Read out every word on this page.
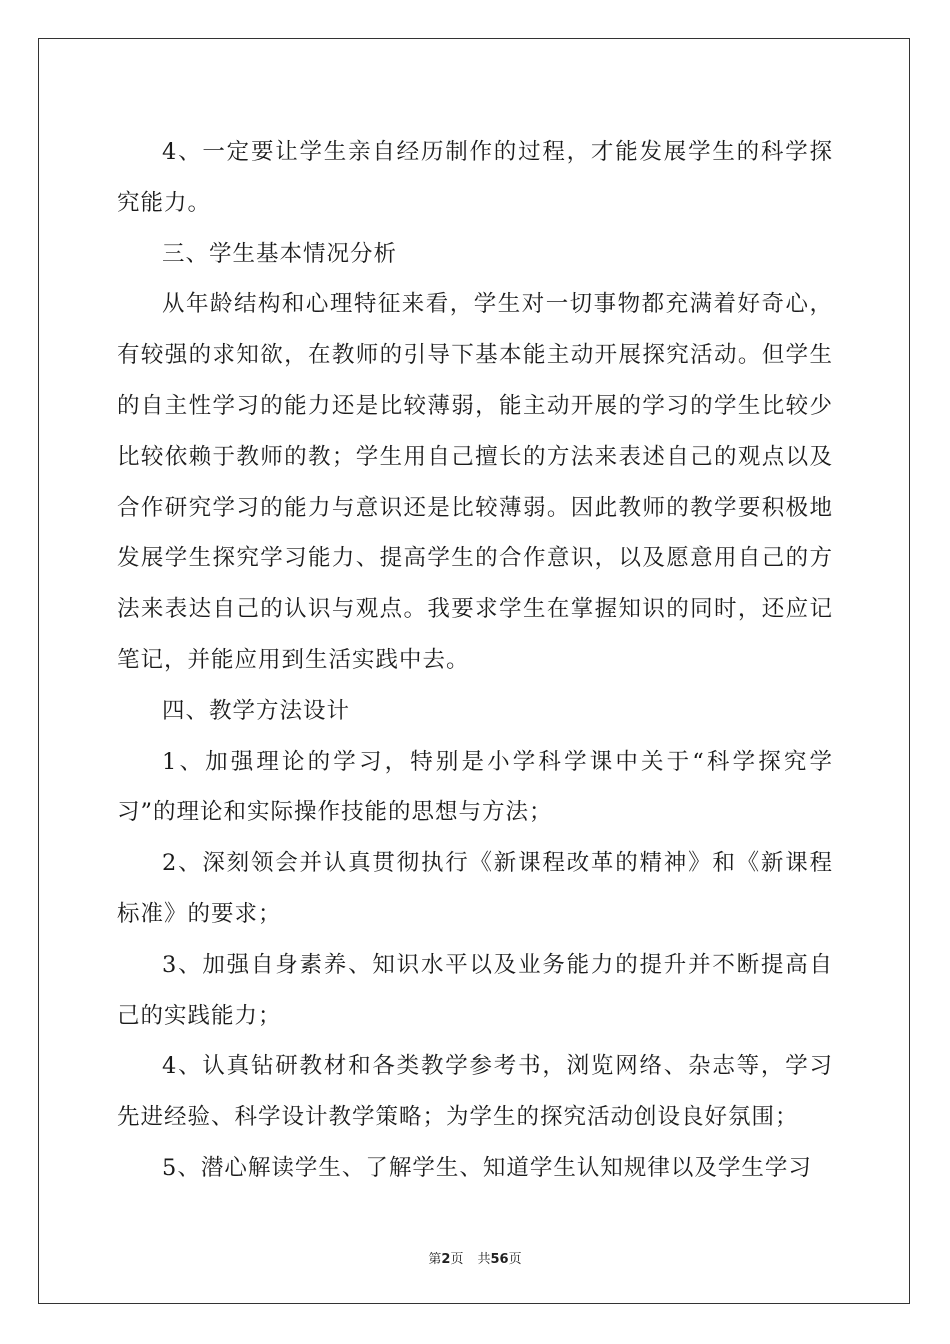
4、一定要让学生亲自经历制作的过程，才能发展学生的科学探究能力。

三、学生基本情况分析

从年龄结构和心理特征来看，学生对一切事物都充满着好奇心，有较强的求知欲，在教师的引导下基本能主动开展探究活动。但学生的自主性学习的能力还是比较薄弱，能主动开展的学习的学生比较少比较依赖于教师的教；学生用自己擅长的方法来表述自己的观点以及合作研究学习的能力与意识还是比较薄弱。因此教师的教学要积极地发展学生探究学习能力、提高学生的合作意识，以及愿意用自己的方法来表达自己的认识与观点。我要求学生在掌握知识的同时，还应记笔记，并能应用到生活实践中去。

四、教学方法设计

1、加强理论的学习，特别是小学科学课中关于“科学探究学习”的理论和实际操作技能的思想与方法；

2、深刻领会并认真贯彻执行《新课程改革的精神》和《新课程标准》的要求；

3、加强自身素养、知识水平以及业务能力的提升并不断提高自己的实践能力；

4、认真钻研教材和各类教学参考书，浏览网络、杂志等，学习先进经验、科学设计教学策略；为学生的探究活动创设良好氛围；

5、潜心解读学生、了解学生、知道学生认知规律以及学生学习

第2页 共56页
